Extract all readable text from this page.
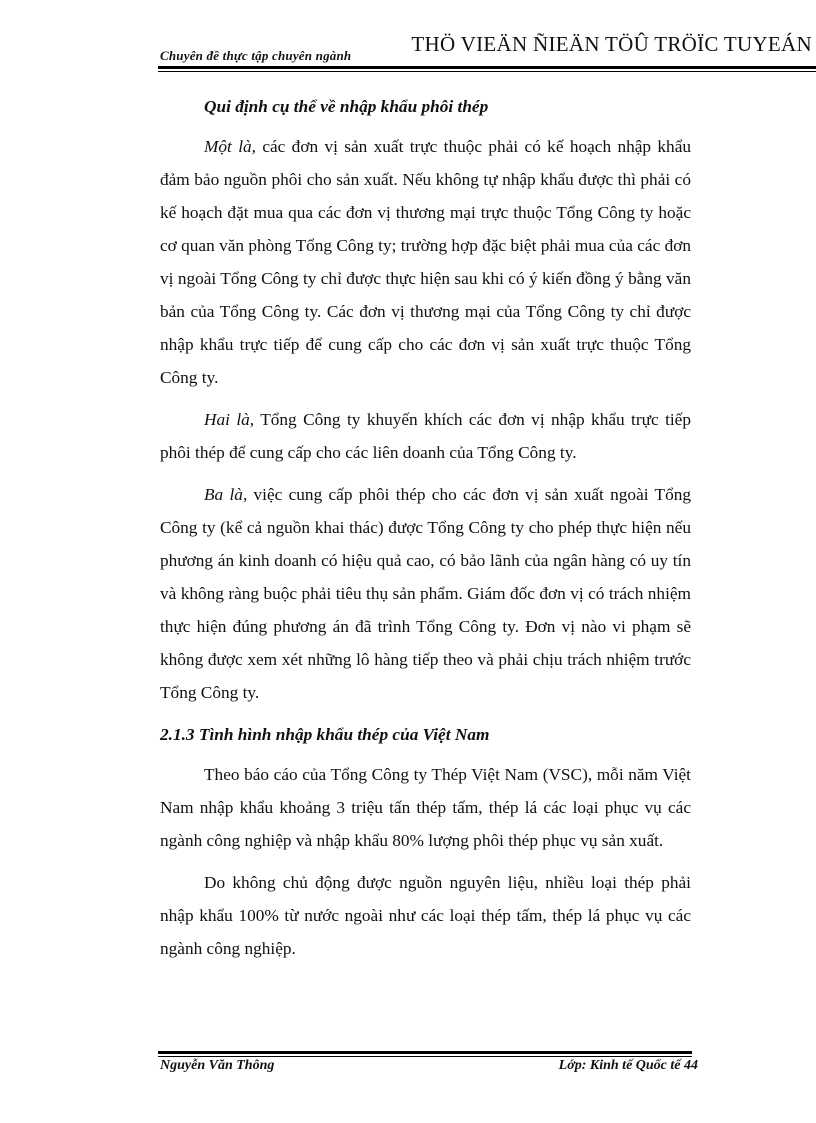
Chuyên đề thực tập chuyên ngành	THÖ VIEÄN ÑIEÄN TÖÛ TRÖÏC TUYEÁN

Qui định cụ thể về nhập khẩu phôi thép

Một là, các đơn vị sản xuất trực thuộc phải có kế hoạch nhập khẩu đảm bảo nguồn phôi cho sản xuất. Nếu không tự nhập khẩu được thì phải có kế hoạch đặt mua qua các đơn vị thương mại trực thuộc Tổng Công ty hoặc cơ quan văn phòng Tổng Công ty; trường hợp đặc biệt phải mua của các đơn vị ngoài Tổng Công ty chỉ được thực hiện sau khi có ý kiến đồng ý bằng văn bản của Tổng Công ty. Các đơn vị thương mại của Tổng Công ty chỉ được nhập khẩu trực tiếp để cung cấp cho các đơn vị sản xuất trực thuộc Tổng Công ty.

Hai là, Tổng Công ty khuyến khích các đơn vị nhập khẩu trực tiếp phôi thép để cung cấp cho các liên doanh của Tổng Công ty.

Ba là, việc cung cấp phôi thép cho các đơn vị sản xuất ngoài Tổng Công ty (kể cả nguồn khai thác) được Tổng Công ty cho phép thực hiện nếu phương án kinh doanh có hiệu quả cao, có bảo lãnh của ngân hàng có uy tín và không ràng buộc phải tiêu thụ sản phẩm. Giám đốc đơn vị có trách nhiệm thực hiện đúng phương án đã trình Tổng Công ty. Đơn vị nào vi phạm sẽ không được xem xét những lô hàng tiếp theo và phải chịu trách nhiệm trước Tổng Công ty.

2.1.3 Tình hình nhập khẩu thép của Việt Nam

Theo báo cáo của Tổng Công ty Thép Việt Nam (VSC), mỗi năm Việt Nam nhập khẩu khoảng 3 triệu tấn thép tấm, thép lá các loại phục vụ các ngành công nghiệp và nhập khẩu 80% lượng phôi thép phục vụ sản xuất.

Do không chủ động được nguồn nguyên liệu, nhiều loại thép phải nhập khẩu 100% từ nước ngoài như các loại thép tấm, thép lá phục vụ các ngành công nghiệp.

Nguyễn Văn Thông	Lớp: Kinh tế Quốc tế 44
